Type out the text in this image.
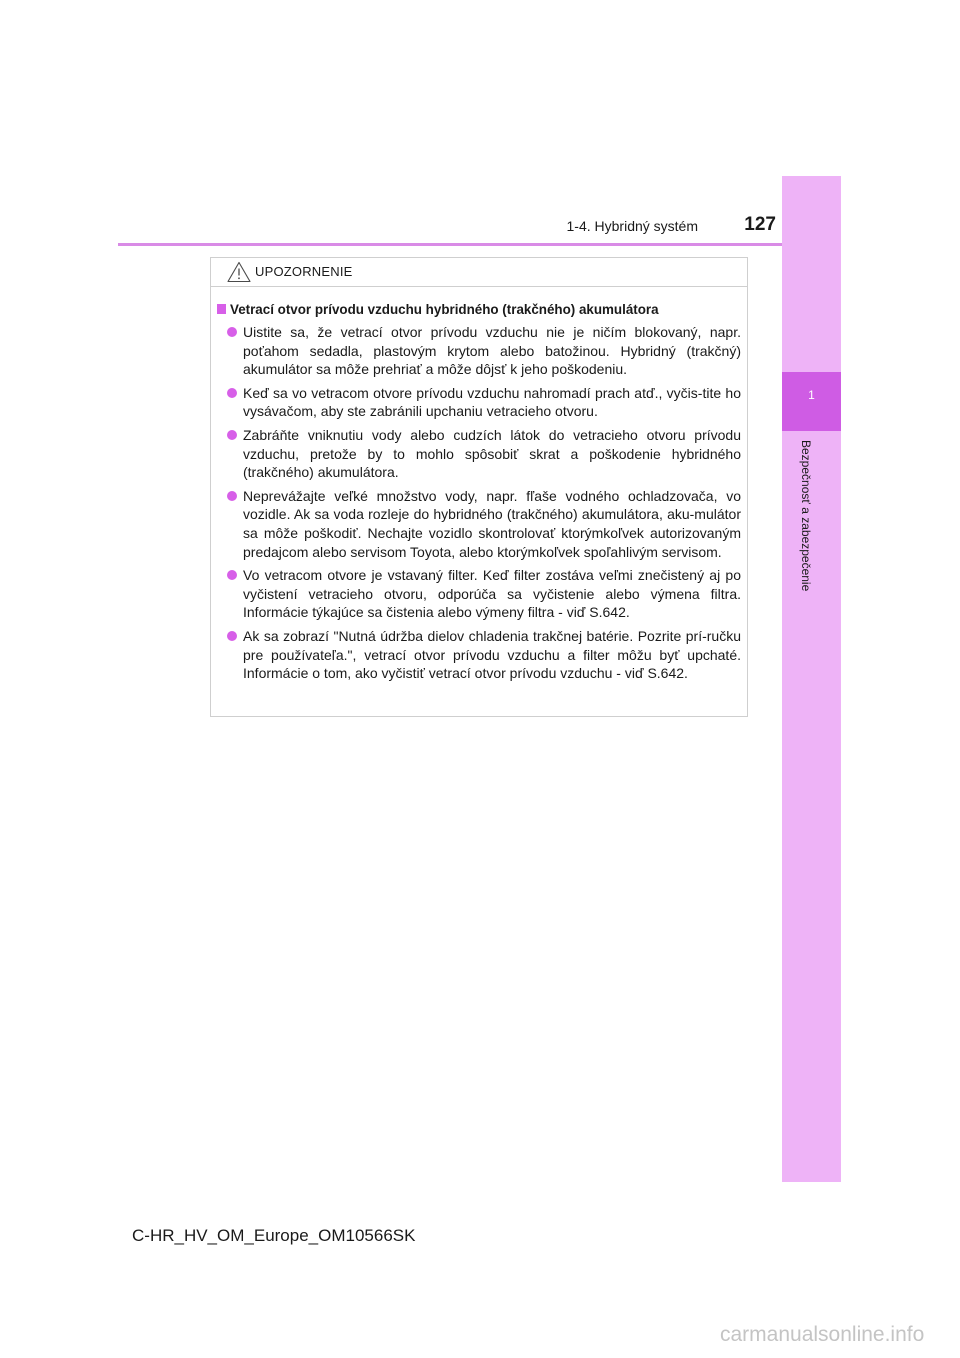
1-4. Hybridný systém	127
1
Bezpečnosť a zabezpečenie
UPOZORNENIE
Vetrací otvor prívodu vzduchu hybridného (trakčného) akumulátora
Uistite sa, že vetrací otvor prívodu vzduchu nie je ničím blokovaný, napr. poťahom sedadla, plastovým krytom alebo batožinou. Hybridný (trakčný) akumulátor sa môže prehriať a môže dôjsť k jeho poškodeniu.
Keď sa vo vetracom otvore prívodu vzduchu nahromadí prach atď., vyčis-tite ho vysávačom, aby ste zabránili upchaniu vetracieho otvoru.
Zabráňte vniknutiu vody alebo cudzích látok do vetracieho otvoru prívodu vzduchu, pretože by to mohlo spôsobiť skrat a poškodenie hybridného (trakčného) akumulátora.
Neprevážajte veľké množstvo vody, napr. fľaše vodného ochladzovača, vo vozidle. Ak sa voda rozleje do hybridného (trakčného) akumulátora, aku-mulátor sa môže poškodiť. Nechajte vozidlo skontrolovať ktorýmkoľvek autorizovaným predajcom alebo servisom Toyota, alebo ktorýmkoľvek spoľahlivým servisom.
Vo vetracom otvore je vstavaný filter. Keď filter zostáva veľmi znečistený aj po vyčistení vetracieho otvoru, odporúča sa vyčistenie alebo výmena filtra. Informácie týkajúce sa čistenia alebo výmeny filtra - viď S.642.
Ak sa zobrazí "Nutná údržba dielov chladenia trakčnej batérie. Pozrite prí-ručku pre používateľa.", vetrací otvor prívodu vzduchu a filter môžu byť upchaté. Informácie o tom, ako vyčistiť vetrací otvor prívodu vzduchu - viď S.642.
C-HR_HV_OM_Europe_OM10566SK
carmanualsonline.info
